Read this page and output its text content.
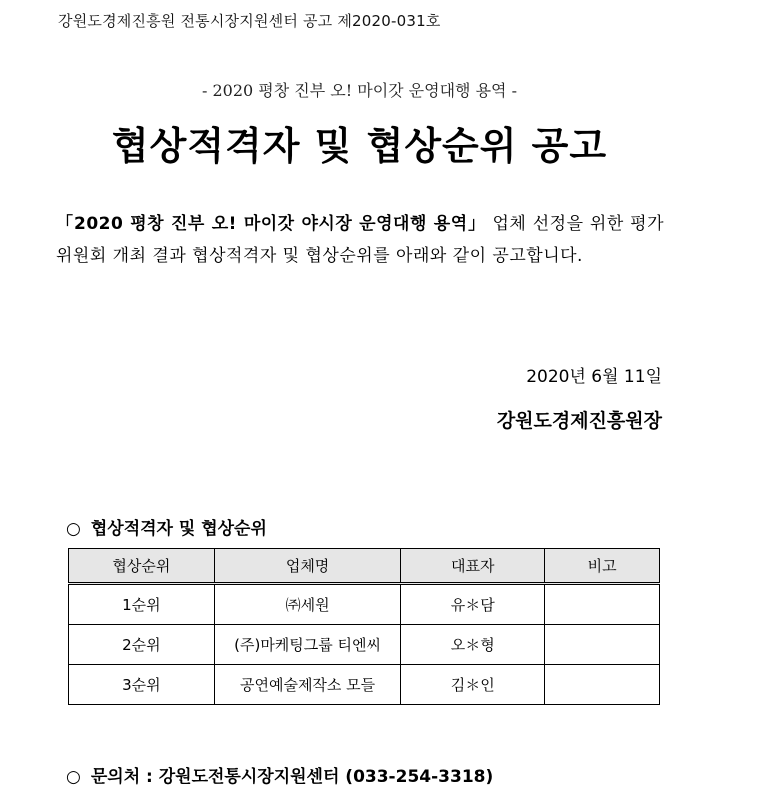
강원도경제진흥원 전통시장지원센터 공고 제2020-031호
- 2020 평창 진부 오! 마이갓 운영대행 용역 -
협상적격자 및 협상순위 공고
「2020 평창 진부 오! 마이갓 야시장 운영대행 용역」 업체 선정을 위한 평가위원회 개최 결과 협상적격자 및 협상순위를 아래와 같이 공고합니다.
2020년 6월 11일
강원도경제진흥원장
○ 협상적격자 및 협상순위
협상순위	업체명	대표자	비고
1순위	㈜세원	유＊담	
2순위	(주)마케팅그룹 티엔씨	오＊형	
3순위	공연예술제작소 모들	김＊인	
○ 문의처 : 강원도전통시장지원센터 (033-254-3318)
